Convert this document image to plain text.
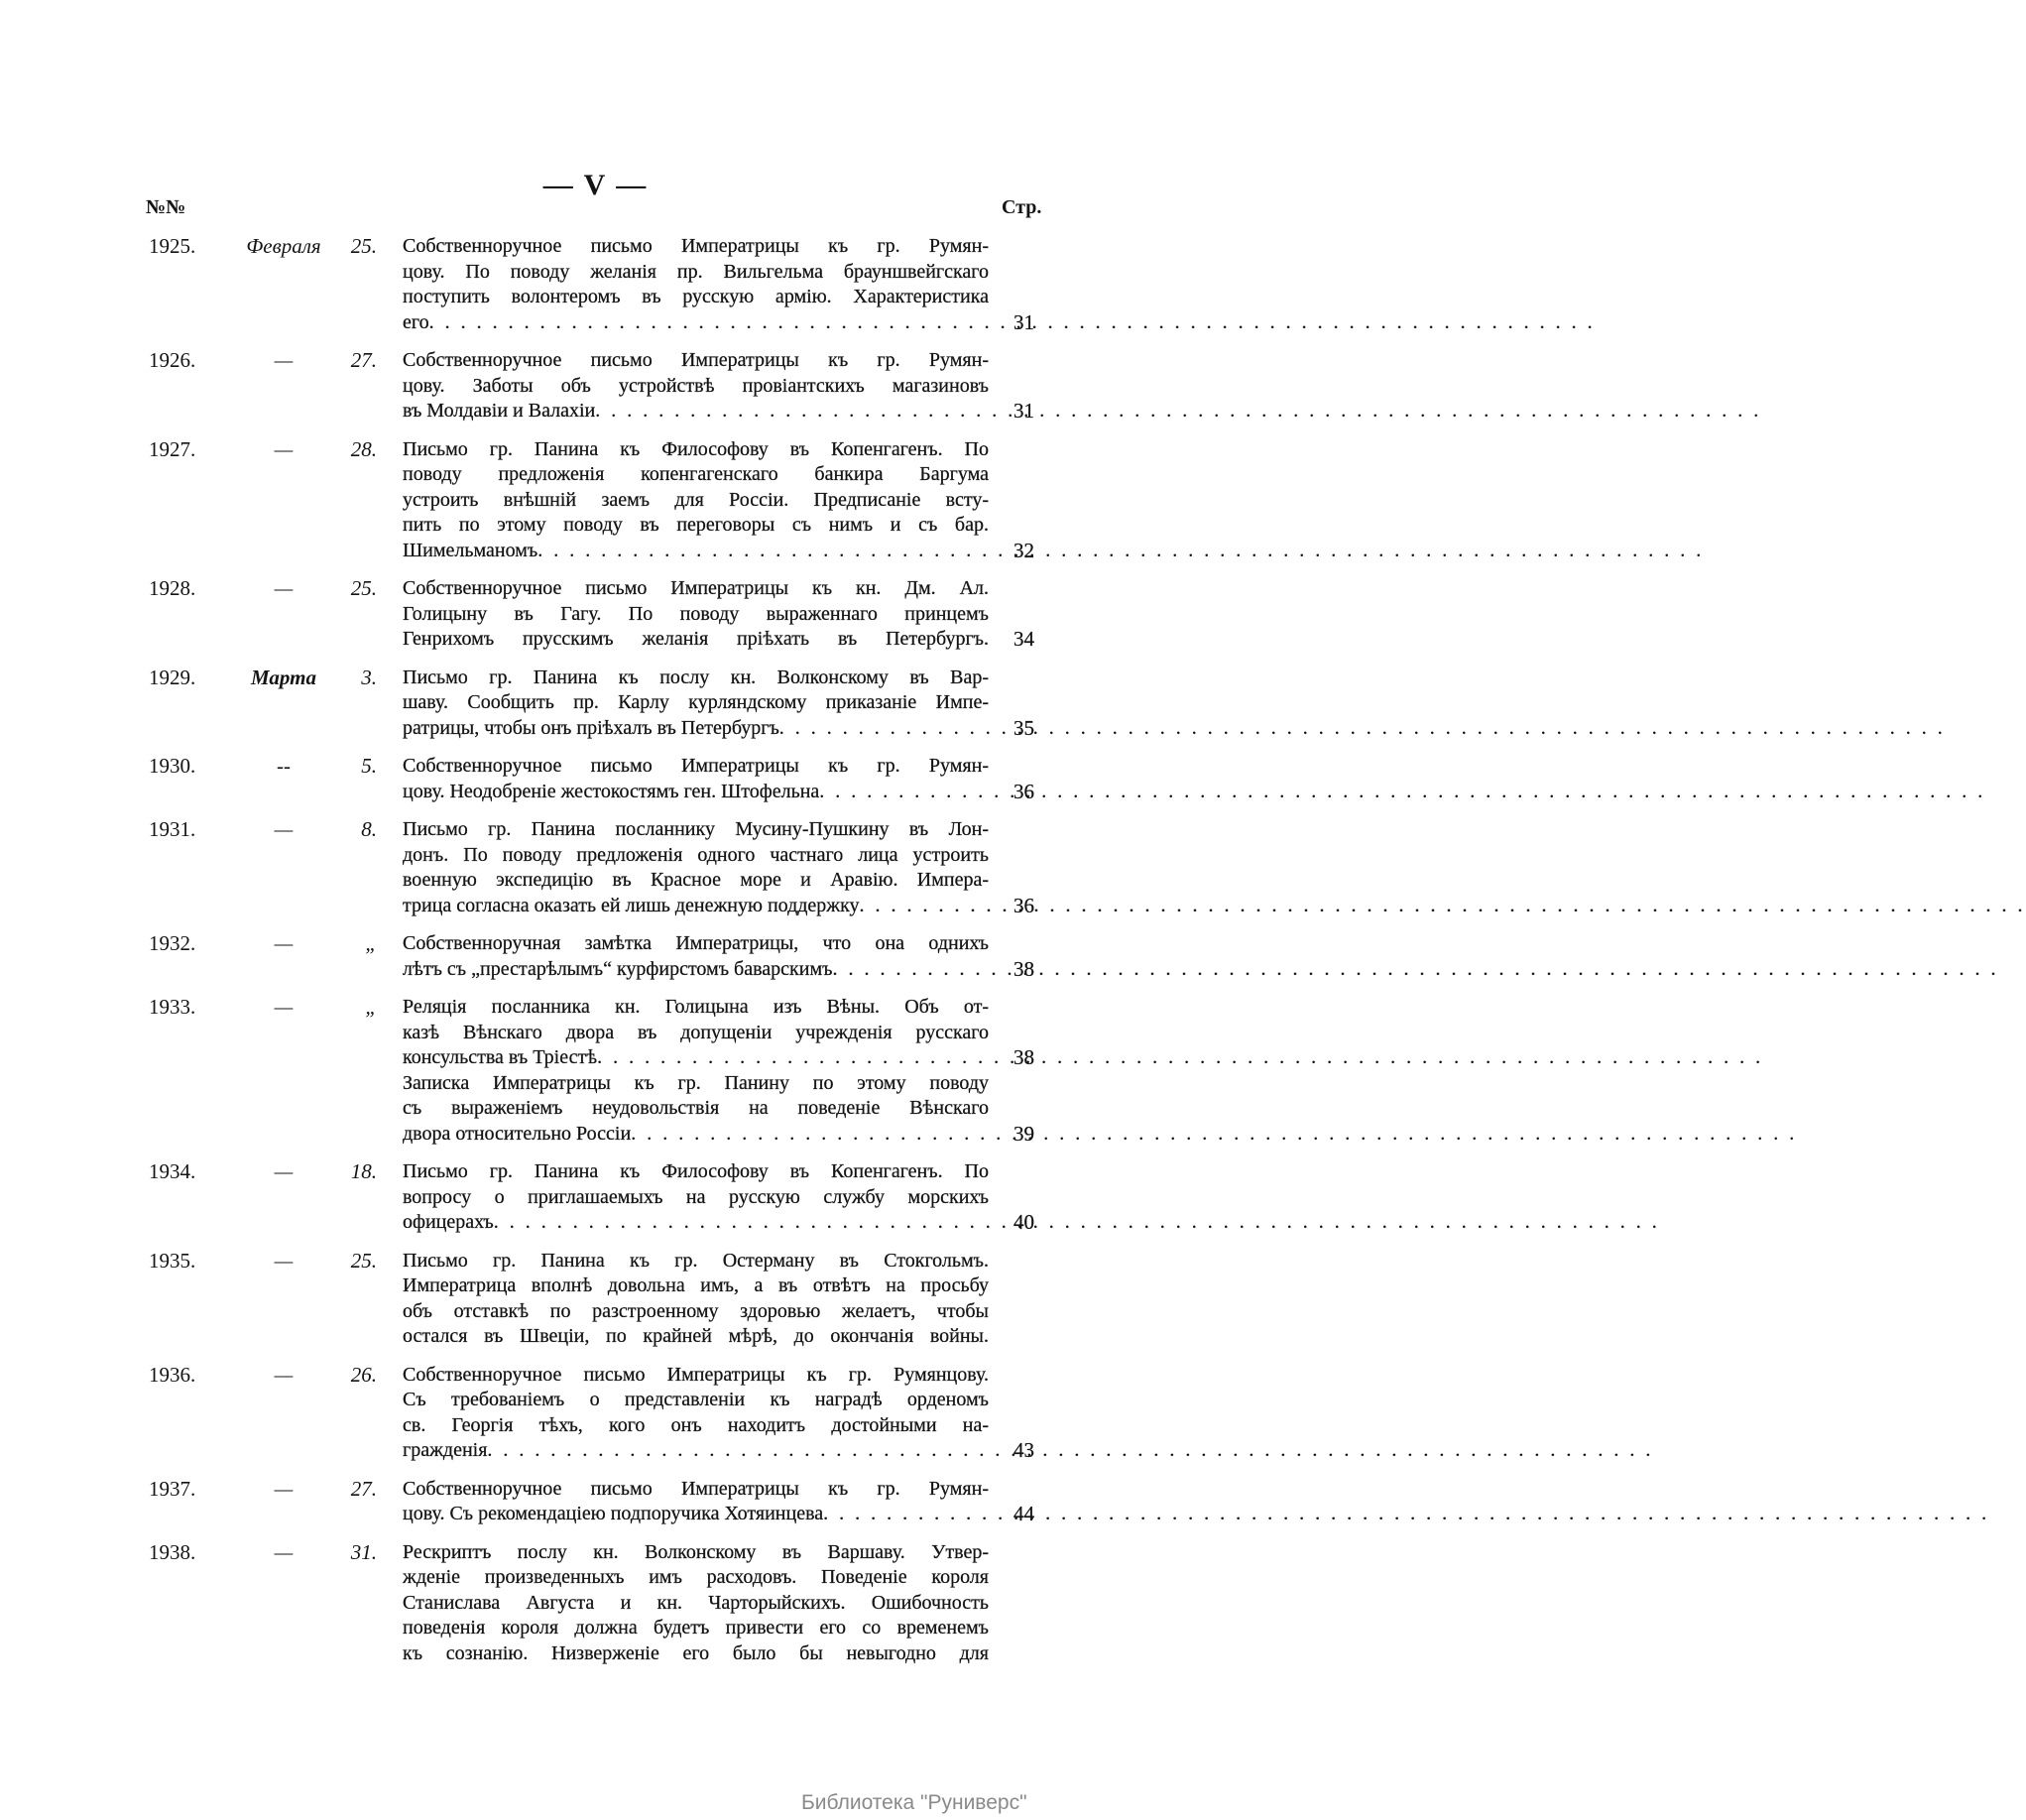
— V —
№№	Стр.
1925.	Февраля	25. Собственноручное письмо Императрицы къ гр. Румян-
цову. По поводу желанія пр. Вильгельма брауншвейгскаго
поступить волонтеромъ въ русскую армію. Характеристика
его . . .	31
1926.	—	27. Собственноручное письмо Императрицы къ гр. Румян-
цову. Заботы объ устройствѣ провіантскихъ магазиновъ
въ Молдавіи и Валахіи . . .	31
1927.	—	28. Письмо гр. Панина къ Философову въ Копенгагенъ. По
поводу предложенія копенгагенскаго банкира Баргума
устроить внѣшній заемъ для Россіи. Предписаніе всту-
пить по этому поводу въ переговоры съ нимъ и съ бар.
Шимельманомъ . . .	32
1928.	—	25. Собственноручное письмо Императрицы къ кн. Дм. Ал.
Голицыну въ Гагу. По поводу выраженнаго принцемъ
Генрихомъ прусскимъ желанія пріѣхать въ Петербургъ. 34
1929.	Марта	3. Письмо гр. Панина къ послу кн. Волконскому въ Вар-
шаву. Сообщить пр. Карлу курляндскому приказаніе Импе-
ратрицы, чтобы онъ пріѣхалъ въ Петербургъ . . .	35
1930.	--	5. Собственноручное письмо Императрицы къ гр. Румян-
цову. Неодобреніе жестокостямъ ген. Штофельна . . .	36
1931.	—	8. Письмо гр. Панина посланнику Мусину-Пушкину въ Лон-
донъ. По поводу предложенія одного частнаго лица устроить
военную экспедицію въ Красное море и Аравію. Импера-
трица согласна оказать ей лишь денежную поддержку . . .	36
1932.	—	„ Собственноручная замѣтка Императрицы, что она однихъ
лѣтъ съ „престарѣлымъ“ курфирстомъ баварскимъ . . .	38
1933.	—	„ Реляція посланника кн. Голицына изъ Вѣны. Объ от-
казѣ Вѣнскаго двора въ допущеніи учрежденія русскаго
консульства въ Тріестѣ . . .	38
Записка Императрицы къ гр. Панину по этому поводу
съ выраженіемъ неудовольствія на поведеніе Вѣнскаго
двора относительно Россіи . . .	39
1934.	—	18. Письмо гр. Панина къ Философову въ Копенгагенъ. По
вопросу о приглашаемыхъ на русскую службу морскихъ
офицерахъ . . .	40
1935.	—	25. Письмо гр. Панина къ гр. Остерману въ Стокгольмъ.
Императрица вполнѣ довольна имъ, а въ отвѣтъ на просьбу
объ отставкѣ по разстроенному здоровью желаетъ, чтобы
остался въ Швеціи, по крайней мѣрѣ, до окончанія войны.
1936.	—	26. Собственноручное письмо Императрицы къ гр. Румянцову.
Съ требованіемъ о представленіи къ наградѣ орденомъ
св. Георгія тѣхъ, кого онъ находитъ достойными на-
гражденія . . .	43
1937.	—	27. Собственноручное письмо Императрицы къ гр. Румян-
цову. Съ рекомендаціею подпоручика Хотяинцева . . .	44
1938.	—	31. Рескриптъ послу кн. Волконскому въ Варшаву. Утвер-
жденіе произведенныхъ имъ расходовъ. Поведеніе короля
Станислава Августа и кн. Чарторыйскихъ. Ошибочность
поведенія короля должна будетъ привести его со временемъ
къ сознанію. Низверженіе его было бы невыгодно для
Библиотека "Руниверс"
